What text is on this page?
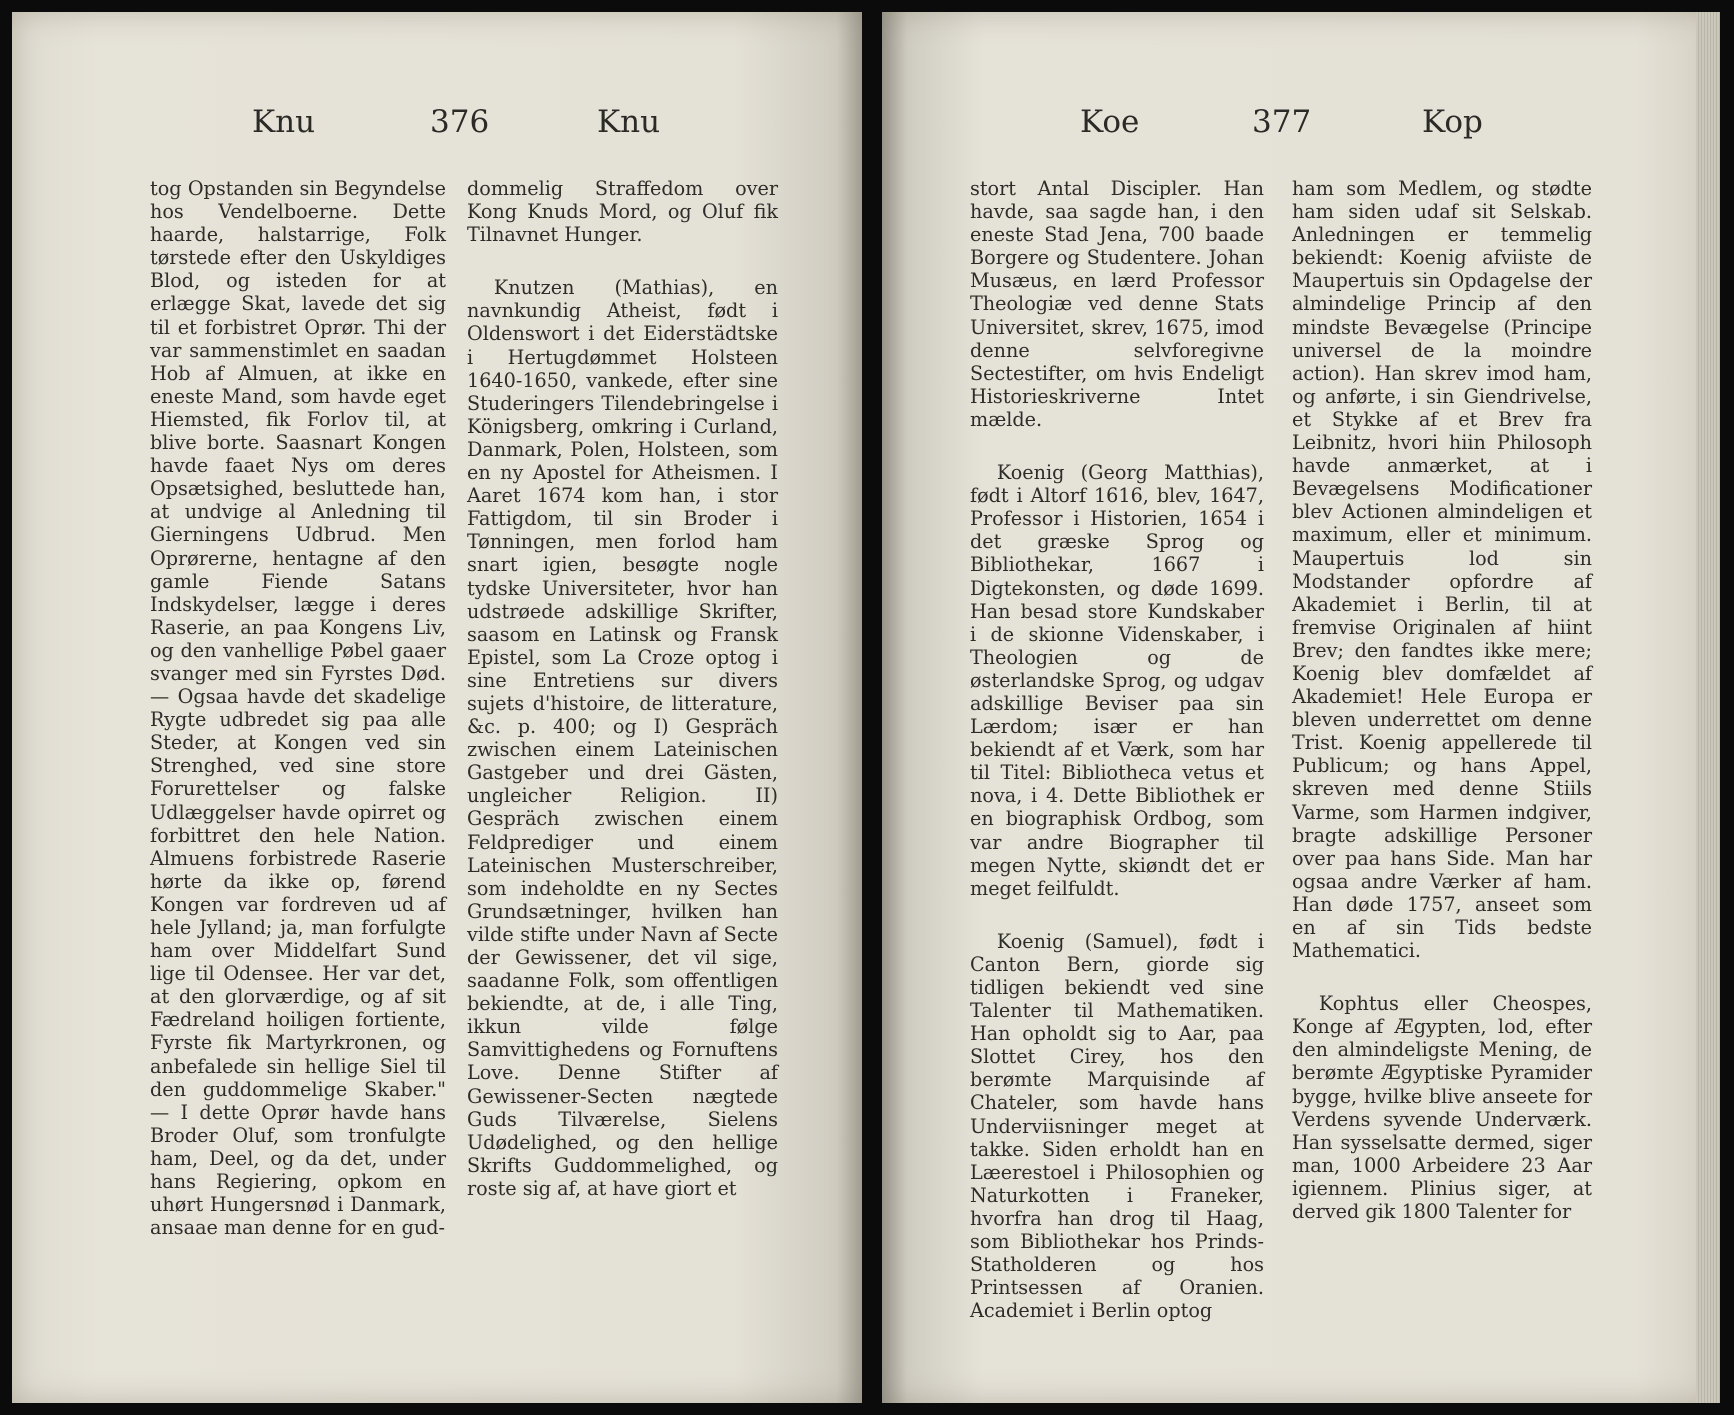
Knu	376	Knu

tog Opstanden sin Begyndelse hos Vendelboerne. Dette haarde, halstarrige, Folk tørstede efter den Uskyldiges Blod, og isteden for at erlægge Skat, lavede det sig til et forbistret Oprør. Thi der var sammenstimlet en saadan Hob af Almuen, at ikke en eneste Mand, som havde eget Hiemsted, fik Forlov til, at blive borte. Saasnart Kongen havde faaet Nys om deres Opsætsighed, besluttede han, at undvige al Anledning til Gierningens Udbrud. Men Oprørerne, hentagne af den gamle Fiende Satans Indskydelser, lægge i deres Raserie, an paa Kongens Liv, og den vanhellige Pøbel gaaer svanger med sin Fyrstes Død. — Ogsaa havde det skadelige Rygte udbredet sig paa alle Steder, at Kongen ved sin Strenghed, ved sine store Forurettelser og falske Udlæggelser havde opirret og forbittret den hele Nation. Almuens forbistrede Raserie hørte da ikke op, førend Kongen var fordreven ud af hele Jylland; ja, man forfulgte ham over Middelfart Sund lige til Odensee. Her var det, at den glorværdige, og af sit Fædreland hoiligen fortiente, Fyrste fik Martyrkronen, og anbefalede sin hellige Siel til den guddommelige Skaber." — I dette Oprør havde hans Broder Oluf, som tronfulgte ham, Deel, og da det, under hans Regiering, opkom en uhørt Hungersnød i Danmark, ansaae man denne for en gud-

dommelig Straffedom over Kong Knuds Mord, og Oluf fik Tilnavnet Hunger.

Knutzen (Mathias), en navnkundig Atheist, født i Oldenswort i det Eiderstädtske i Hertugdømmet Holsteen 1640-1650, vankede, efter sine Studeringers Tilendebringelse i Königsberg, omkring i Curland, Danmark, Polen, Holsteen, som en ny Apostel for Atheismen. I Aaret 1674 kom han, i stor Fattigdom, til sin Broder i Tønningen, men forlod ham snart igien, besøgte nogle tydske Universiteter, hvor han udstrøede adskillige Skrifter, saasom en Latinsk og Fransk Epistel, som La Croze optog i sine Entretiens sur divers sujets d'histoire, de litterature, &c. p. 400; og I) Gespräch zwischen einem Lateinischen Gastgeber und drei Gästen, ungleicher Religion. II) Gespräch zwischen einem Feldprediger und einem Lateinischen Musterschreiber, som indeholdte en ny Sectes Grundsætninger, hvilken han vilde stifte under Navn af Secte der Gewissener, det vil sige, saadanne Folk, som offentligen bekiendte, at de, i alle Ting, ikkun vilde følge Samvittighedens og Fornuftens Love. Denne Stifter af Gewissener-Secten nægtede Guds Tilværelse, Sielens Udødelighed, og den hellige Skrifts Guddommelighed, og roste sig af, at have giort et

Koe	377	Kop

stort Antal Discipler. Han havde, saa sagde han, i den eneste Stad Jena, 700 baade Borgere og Studentere. Johan Musæus, en lærd Professor Theologiæ ved denne Stats Universitet, skrev, 1675, imod denne selvforegivne Sectestifter, om hvis Endeligt Historieskriverne Intet mælde.

Koenig (Georg Matthias), født i Altorf 1616, blev, 1647, Professor i Historien, 1654 i det græske Sprog og Bibliothekar, 1667 i Digtekonsten, og døde 1699. Han besad store Kundskaber i de skionne Videnskaber, i Theologien og de østerlandske Sprog, og udgav adskillige Beviser paa sin Lærdom; især er han bekiendt af et Værk, som har til Titel: Bibliotheca vetus et nova, i 4. Dette Bibliothek er en biographisk Ordbog, som var andre Biographer til megen Nytte, skiøndt det er meget feilfuldt.

Koenig (Samuel), født i Canton Bern, giorde sig tidligen bekiendt ved sine Talenter til Mathematiken. Han opholdt sig to Aar, paa Slottet Cirey, hos den berømte Marquisinde af Chateler, som havde hans Underviisninger meget at takke. Siden erholdt han en Læerestoel i Philosophien og Naturkotten i Franeker, hvorfra han drog til Haag, som Bibliothekar hos Prinds-Statholderen og hos Printsessen af Oranien. Academiet i Berlin optog

ham som Medlem, og stødte ham siden udaf sit Selskab. Anledningen er temmelig bekiendt: Koenig afviiste de Maupertuis sin Opdagelse der almindelige Princip af den mindste Bevægelse (Principe universel de la moindre action). Han skrev imod ham, og anførte, i sin Giendrivelse, et Stykke af et Brev fra Leibnitz, hvori hiin Philosoph havde anmærket, at i Bevægelsens Modificationer blev Actionen almindeligen et maximum, eller et minimum. Maupertuis lod sin Modstander opfordre af Akademiet i Berlin, til at fremvise Originalen af hiint Brev; den fandtes ikke mere; Koenig blev domfældet af Akademiet! Hele Europa er bleven underrettet om denne Trist. Koenig appellerede til Publicum; og hans Appel, skreven med denne Stiils Varme, som Harmen indgiver, bragte adskillige Personer over paa hans Side. Man har ogsaa andre Værker af ham. Han døde 1757, anseet som en af sin Tids bedste Mathematici.

Kophtus eller Cheospes, Konge af Ægypten, lod, efter den almindeligste Mening, de berømte Ægyptiske Pyramider bygge, hvilke blive anseete for Verdens syvende Underværk. Han sysselsatte dermed, siger man, 1000 Arbeidere 23 Aar igiennem. Plinius siger, at derved gik 1800 Talenter for
